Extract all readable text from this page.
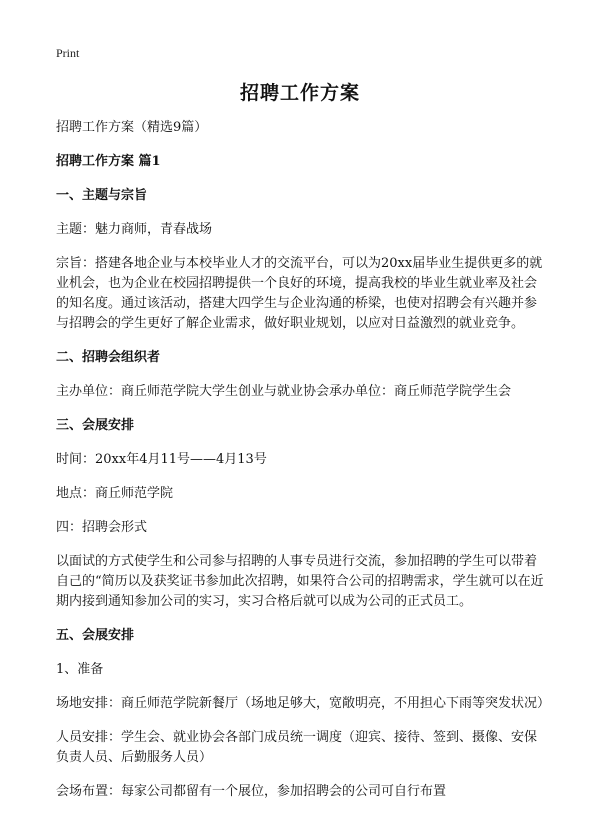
Print
招聘工作方案
招聘工作方案（精选9篇）
招聘工作方案 篇1
一、主题与宗旨
主题：魅力商师，青春战场
宗旨：搭建各地企业与本校毕业人才的交流平台，可以为20xx届毕业生提供更多的就业机会，也为企业在校园招聘提供一个良好的环境，提高我校的毕业生就业率及社会的知名度。通过该活动，搭建大四学生与企业沟通的桥梁，也使对招聘会有兴趣并参与招聘会的学生更好了解企业需求，做好职业规划，以应对日益激烈的就业竞争。
二、招聘会组织者
主办单位：商丘师范学院大学生创业与就业协会承办单位：商丘师范学院学生会
三、会展安排
时间：20xx年4月11号——4月13号
地点：商丘师范学院
四：招聘会形式
以面试的方式使学生和公司参与招聘的人事专员进行交流，参加招聘的学生可以带着自己的“简历以及获奖证书参加此次招聘，如果符合公司的招聘需求，学生就可以在近期内接到通知参加公司的实习，实习合格后就可以成为公司的正式员工。
五、会展安排
1、准备
场地安排：商丘师范学院新餐厅（场地足够大，宽敞明亮，不用担心下雨等突发状况）
人员安排：学生会、就业协会各部门成员统一调度（迎宾、接待、签到、摄像、安保负责人员、后勤服务人员）
会场布置：每家公司都留有一个展位，参加招聘会的公司可自行布置
